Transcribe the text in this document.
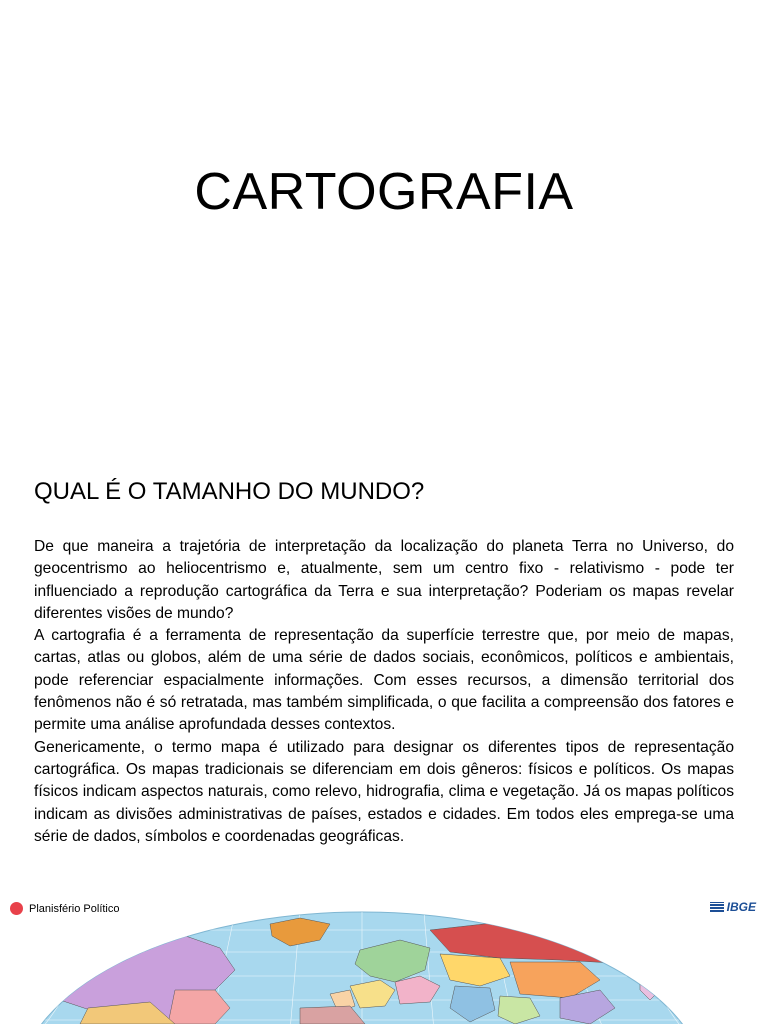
CARTOGRAFIA
QUAL É O TAMANHO DO MUNDO?

De que maneira a trajetória de interpretação da localização do planeta Terra no Universo, do geocentrismo ao heliocentrismo e, atualmente, sem um centro fixo - relativismo - pode ter influenciado a reprodução cartográfica da Terra e sua interpretação? Poderiam os mapas revelar diferentes visões de mundo?

A cartografia é a ferramenta de representação da superfície terrestre que, por meio de mapas, cartas, atlas ou globos, além de uma série de dados sociais, econômicos, políticos e ambientais, pode referenciar espacialmente informações. Com esses recursos, a dimensão territorial dos fenômenos não é só retratada, mas também simplificada, o que facilita a compreensão dos fatores e permite uma análise aprofundada desses contextos.

Genericamente, o termo mapa é utilizado para designar os diferentes tipos de representação cartográfica. Os mapas tradicionais se diferenciam em dois gêneros: físicos e políticos. Os mapas físicos indicam aspectos naturais, como relevo, hidrografia, clima e vegetação. Já os mapas políticos indicam as divisões administrativas de países, estados e cidades. Em todos eles emprega-se uma série de dados, símbolos e coordenadas geográficas.

Planisfério Político	IBGE
